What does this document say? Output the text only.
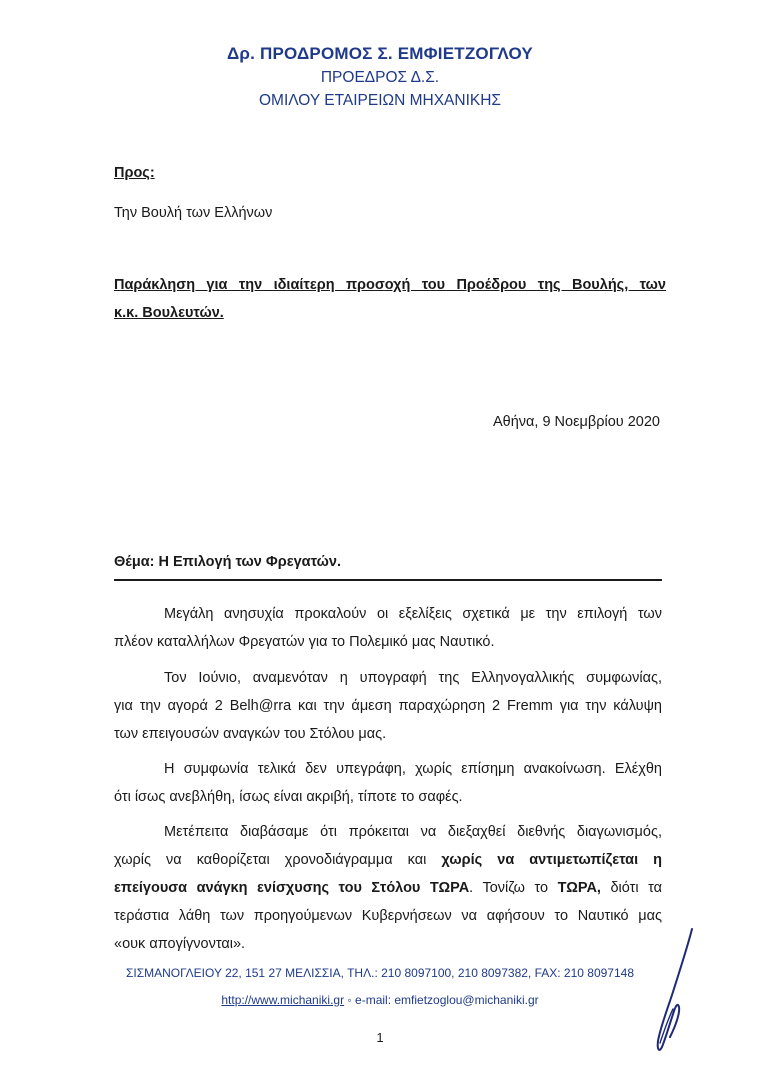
Δρ. ΠΡΟΔΡΟΜΟΣ Σ. ΕΜΦΙΕΤΖΟΓΛΟΥ
ΠΡΟΕΔΡΟΣ Δ.Σ.
ΟΜΙΛΟΥ ΕΤΑΙΡΕΙΩΝ ΜΗΧΑΝΙΚΗΣ
Προς:
Την Βουλή των Ελλήνων
Παράκληση για την ιδιαίτερη προσοχή του Προέδρου της Βουλής, των
κ.κ. Βουλευτών.
Αθήνα, 9 Νοεμβρίου 2020
Θέμα: Η Επιλογή των Φρεγατών.
Μεγάλη ανησυχία προκαλούν οι εξελίξεις σχετικά με την επιλογή των
πλέον καταλλήλων Φρεγατών για το Πολεμικό μας Ναυτικό.
Τον Ιούνιο, αναμενόταν η υπογραφή της Ελληνογαλλικής συμφωνίας,
για την αγορά 2 Belh@rra και την άμεση παραχώρηση 2 Fremm για την κάλυψη
των επειγουσών αναγκών του Στόλου μας.
Η συμφωνία τελικά δεν υπεγράφη, χωρίς επίσημη ανακοίνωση. Ελέχθη
ότι ίσως ανεβλήθη, ίσως είναι ακριβή, τίποτε το σαφές.
Μετέπειτα διαβάσαμε ότι πρόκειται να διεξαχθεί διεθνής διαγωνισμός,
χωρίς να καθορίζεται χρονοδιάγραμμα και χωρίς να αντιμετωπίζεται η
επείγουσα ανάγκη ενίσχυσης του Στόλου ΤΩΡΑ. Τονίζω το ΤΩΡΑ, διότι τα
τεράστια λάθη των προηγούμενων Κυβερνήσεων να αφήσουν το Ναυτικό μας
«ουκ απογίγνονται».
ΣΙΣΜΑΝΟΓΛΕΙΟΥ 22, 151 27 ΜΕΛΙΣΣΙΑ, ΤΗΛ.: 210 8097100, 210 8097382, FAX: 210 8097148
http://www.michaniki.gr ◦ e-mail: emfietzoglou@michaniki.gr
1
